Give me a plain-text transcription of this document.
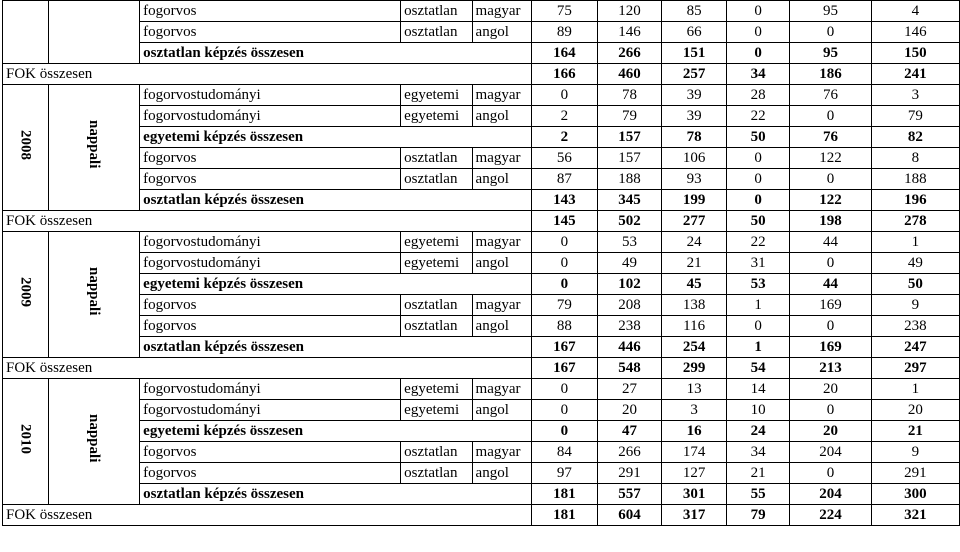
		fogorvos	osztatlan	magyar	75	120	85	0	95	4
		fogorvos	osztatlan	angol	89	146	66	0	0	146
		osztatlan képzés összesen			164	266	151	0	95	150
FOK összesen					166	460	257	34	186	241
2008	nappali	fogorvostudományi	egyetemi	magyar	0	78	39	28	76	3
		fogorvostudományi	egyetemi	angol	2	79	39	22	0	79
		egyetemi képzés összesen			2	157	78	50	76	82
		fogorvos	osztatlan	magyar	56	157	106	0	122	8
		fogorvos	osztatlan	angol	87	188	93	0	0	188
		osztatlan képzés összesen			143	345	199	0	122	196
FOK összesen					145	502	277	50	198	278
2009	nappali	fogorvostudományi	egyetemi	magyar	0	53	24	22	44	1
		fogorvostudományi	egyetemi	angol	0	49	21	31	0	49
		egyetemi képzés összesen			0	102	45	53	44	50
		fogorvos	osztatlan	magyar	79	208	138	1	169	9
		fogorvos	osztatlan	angol	88	238	116	0	0	238
		osztatlan képzés összesen			167	446	254	1	169	247
FOK összesen					167	548	299	54	213	297
2010	nappali	fogorvostudományi	egyetemi	magyar	0	27	13	14	20	1
		fogorvostudományi	egyetemi	angol	0	20	3	10	0	20
		egyetemi képzés összesen			0	47	16	24	20	21
		fogorvos	osztatlan	magyar	84	266	174	34	204	9
		fogorvos	osztatlan	angol	97	291	127	21	0	291
		osztatlan képzés összesen			181	557	301	55	204	300
FOK összesen					181	604	317	79	224	321
